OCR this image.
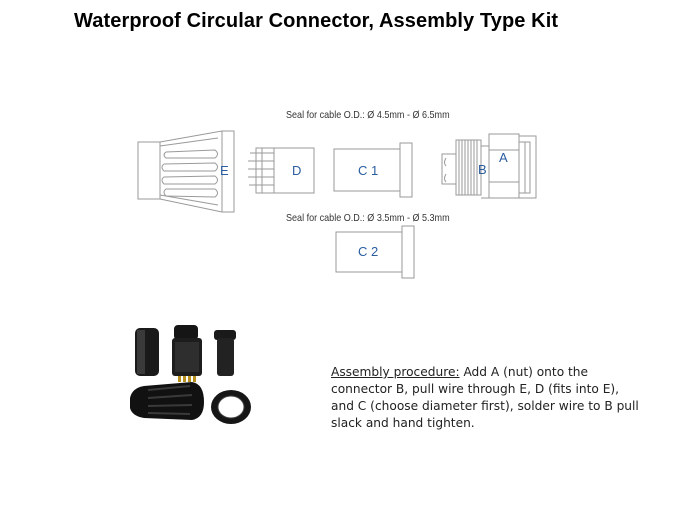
Waterproof Circular Connector, Assembly Type Kit
Seal for cable O.D.: Ø 4.5mm - Ø 6.5mm
Seal for cable O.D.: Ø 3.5mm - Ø 5.3mm
E	D	C 1	B
A
C 2
Assembly procedure: Add A (nut) onto the connector B, pull wire through E, D (fits into E), and C (choose diameter first), solder wire to B pull slack and hand tighten.
